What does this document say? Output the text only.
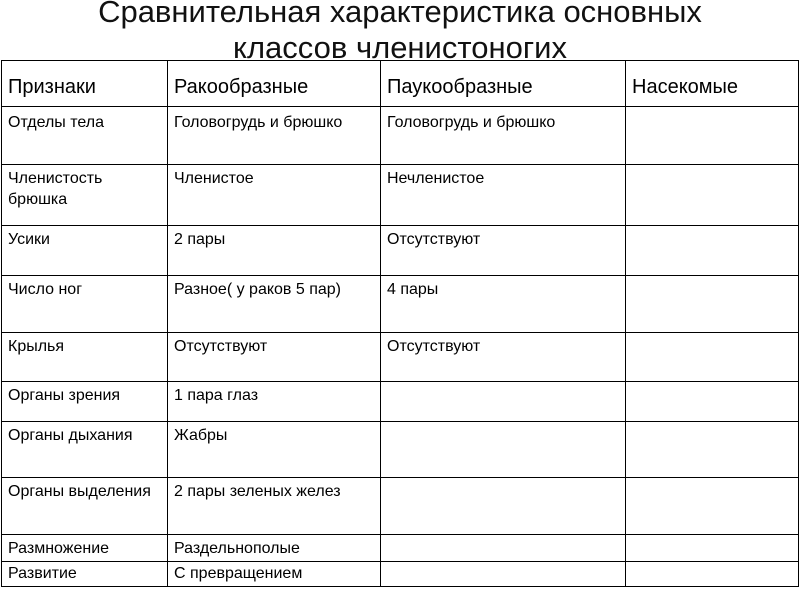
Сравнительная характеристика основных
классов членистоногих
Признаки	Ракообразные	Паукообразные	Насекомые
Отделы тела	Головогрудь и брюшко	Головогрудь и брюшко	
Членистость брюшка	Членистое	Нечленистое	
Усики	2 пары	Отсутствуют	
Число ног	Разное( у раков 5 пар)	4 пары	
Крылья	Отсутствуют	Отсутствуют	
Органы зрения	1 пара глаз		
Органы дыхания	Жабры		
Органы выделения	2 пары зеленых желез		
Размножение	Раздельнополые		
Развитие	С превращением		
